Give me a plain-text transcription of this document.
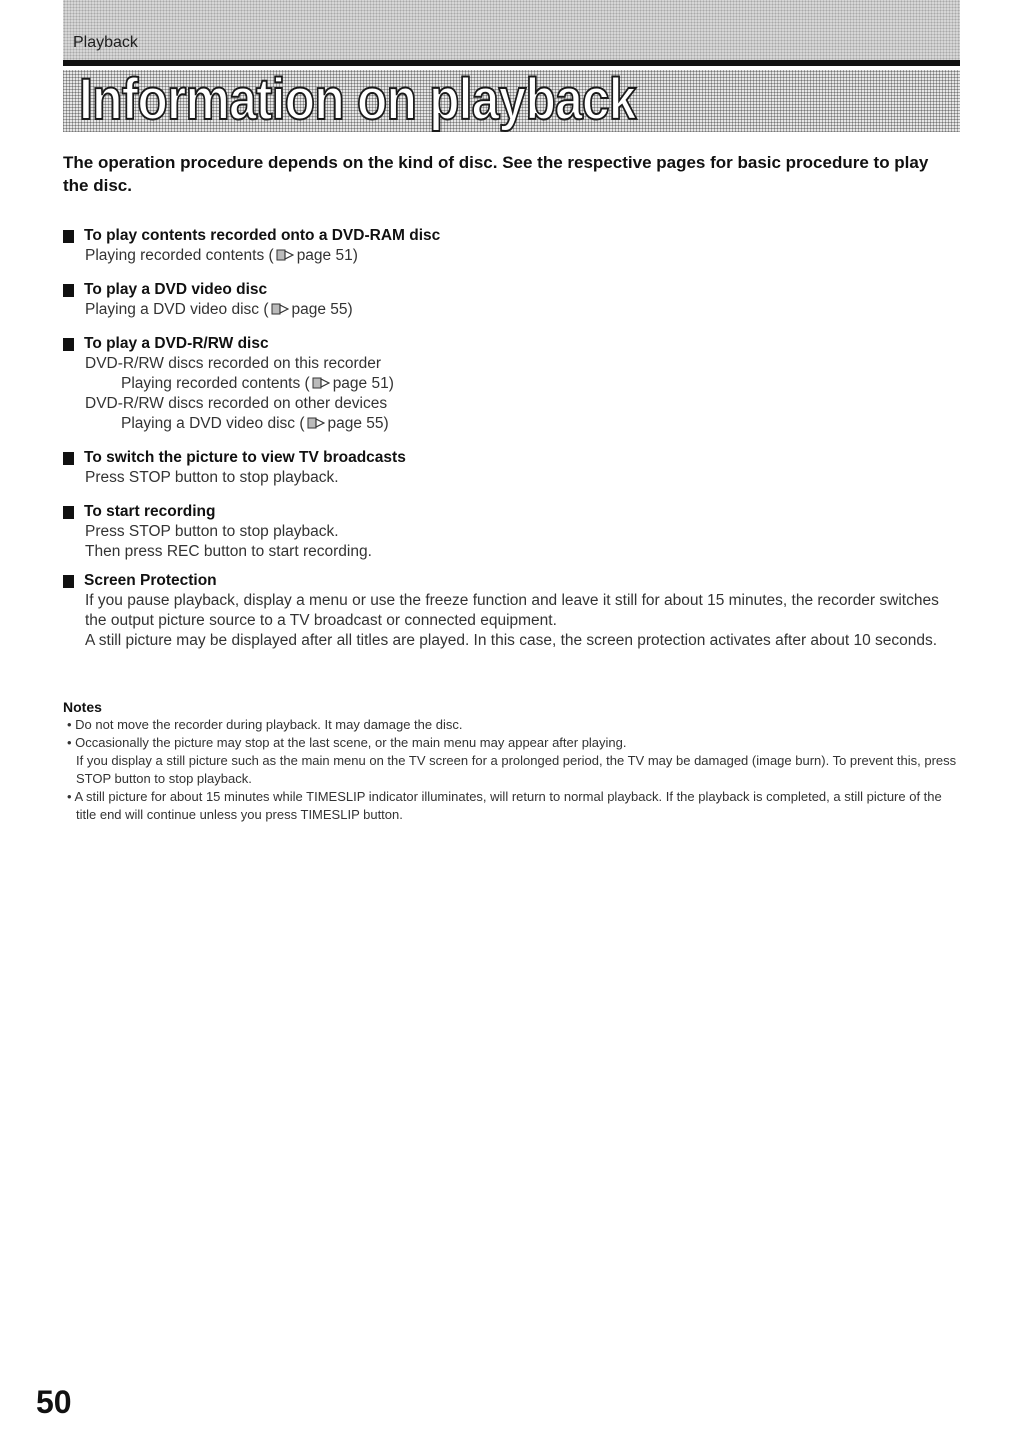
Playback
Information on playback
The operation procedure depends on the kind of disc. See the respective pages for basic procedure to play the disc.
To play contents recorded onto a DVD-RAM disc
Playing recorded contents ( page 51)
To play a DVD video disc
Playing a DVD video disc ( page 55)
To play a DVD-R/RW disc
DVD-R/RW discs recorded on this recorder
Playing recorded contents ( page 51)
DVD-R/RW discs recorded on other devices
Playing a DVD video disc ( page 55)
To switch the picture to view TV broadcasts
Press STOP button to stop playback.
To start recording
Press STOP button to stop playback.
Then press REC button to start recording.
Screen Protection
If you pause playback, display a menu or use the freeze function and leave it still for about 15 minutes, the recorder switches the output picture source to a TV broadcast or connected equipment.
A still picture may be displayed after all titles are played. In this case, the screen protection activates after about 10 seconds.
Notes
• Do not move the recorder during playback. It may damage the disc.
• Occasionally the picture may stop at the last scene, or the main menu may appear after playing.
If you display a still picture such as the main menu on the TV screen for a prolonged period, the TV may be damaged (image burn). To prevent this, press STOP button to stop playback.
• A still picture for about 15 minutes while TIMESLIP indicator illuminates, will return to normal playback. If the playback is completed, a still picture of the title end will continue unless you press TIMESLIP button.
50
